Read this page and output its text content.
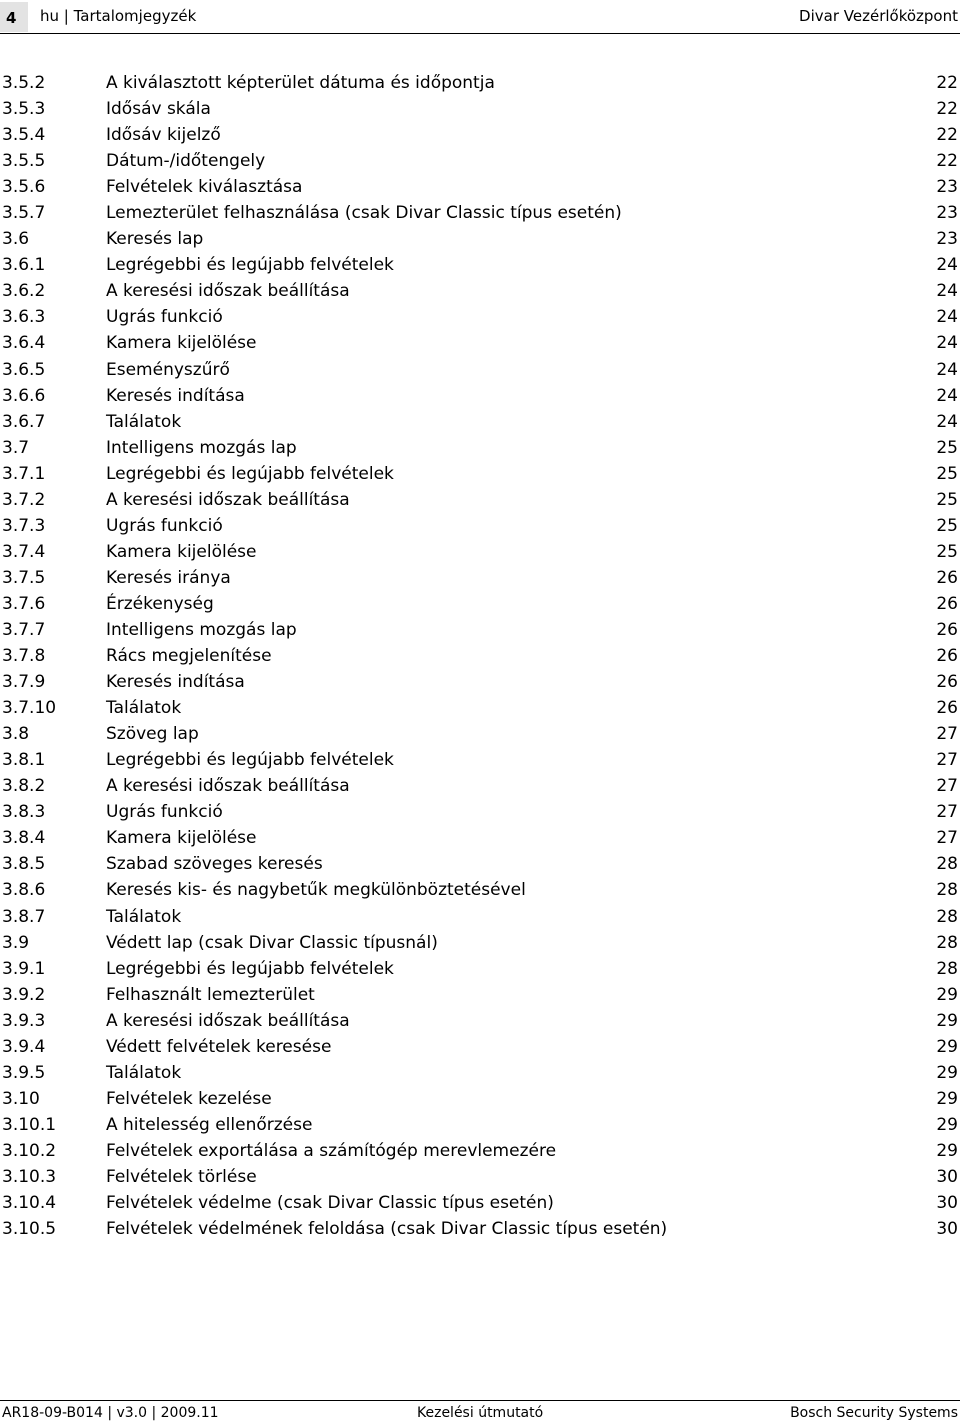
4 hu | Tartalomjegyzék	Divar Vezérlőközpont
3.5.2	A kiválasztott képterület dátuma és időpontja	22
3.5.3	Idősáv skála	22
3.5.4	Idősáv kijelző	22
3.5.5	Dátum-/időtengely	22
3.5.6	Felvételek kiválasztása	23
3.5.7	Lemezterület felhasználása (csak Divar Classic típus esetén)	23
3.6	Keresés lap	23
3.6.1	Legrégebbi és legújabb felvételek	24
3.6.2	A keresési időszak beállítása	24
3.6.3	Ugrás funkció	24
3.6.4	Kamera kijelölése	24
3.6.5	Eseményszűrő	24
3.6.6	Keresés indítása	24
3.6.7	Találatok	24
3.7	Intelligens mozgás lap	25
3.7.1	Legrégebbi és legújabb felvételek	25
3.7.2	A keresési időszak beállítása	25
3.7.3	Ugrás funkció	25
3.7.4	Kamera kijelölése	25
3.7.5	Keresés iránya	26
3.7.6	Érzékenység	26
3.7.7	Intelligens mozgás lap	26
3.7.8	Rács megjelenítése	26
3.7.9	Keresés indítása	26
3.7.10	Találatok	26
3.8	Szöveg lap	27
3.8.1	Legrégebbi és legújabb felvételek	27
3.8.2	A keresési időszak beállítása	27
3.8.3	Ugrás funkció	27
3.8.4	Kamera kijelölése	27
3.8.5	Szabad szöveges keresés	28
3.8.6	Keresés kis- és nagybetűk megkülönböztetésével	28
3.8.7	Találatok	28
3.9	Védett lap (csak Divar Classic típusnál)	28
3.9.1	Legrégebbi és legújabb felvételek	28
3.9.2	Felhasznált lemezterület	29
3.9.3	A keresési időszak beállítása	29
3.9.4	Védett felvételek keresése	29
3.9.5	Találatok	29
3.10	Felvételek kezelése	29
3.10.1	A hitelesség ellenőrzése	29
3.10.2	Felvételek exportálása a számítógép merevlemezére	29
3.10.3	Felvételek törlése	30
3.10.4	Felvételek védelme (csak Divar Classic típus esetén)	30
3.10.5	Felvételek védelmének feloldása (csak Divar Classic típus esetén)	30
AR18-09-B014 | v3.0 | 2009.11	Kezelési útmutató	Bosch Security Systems
